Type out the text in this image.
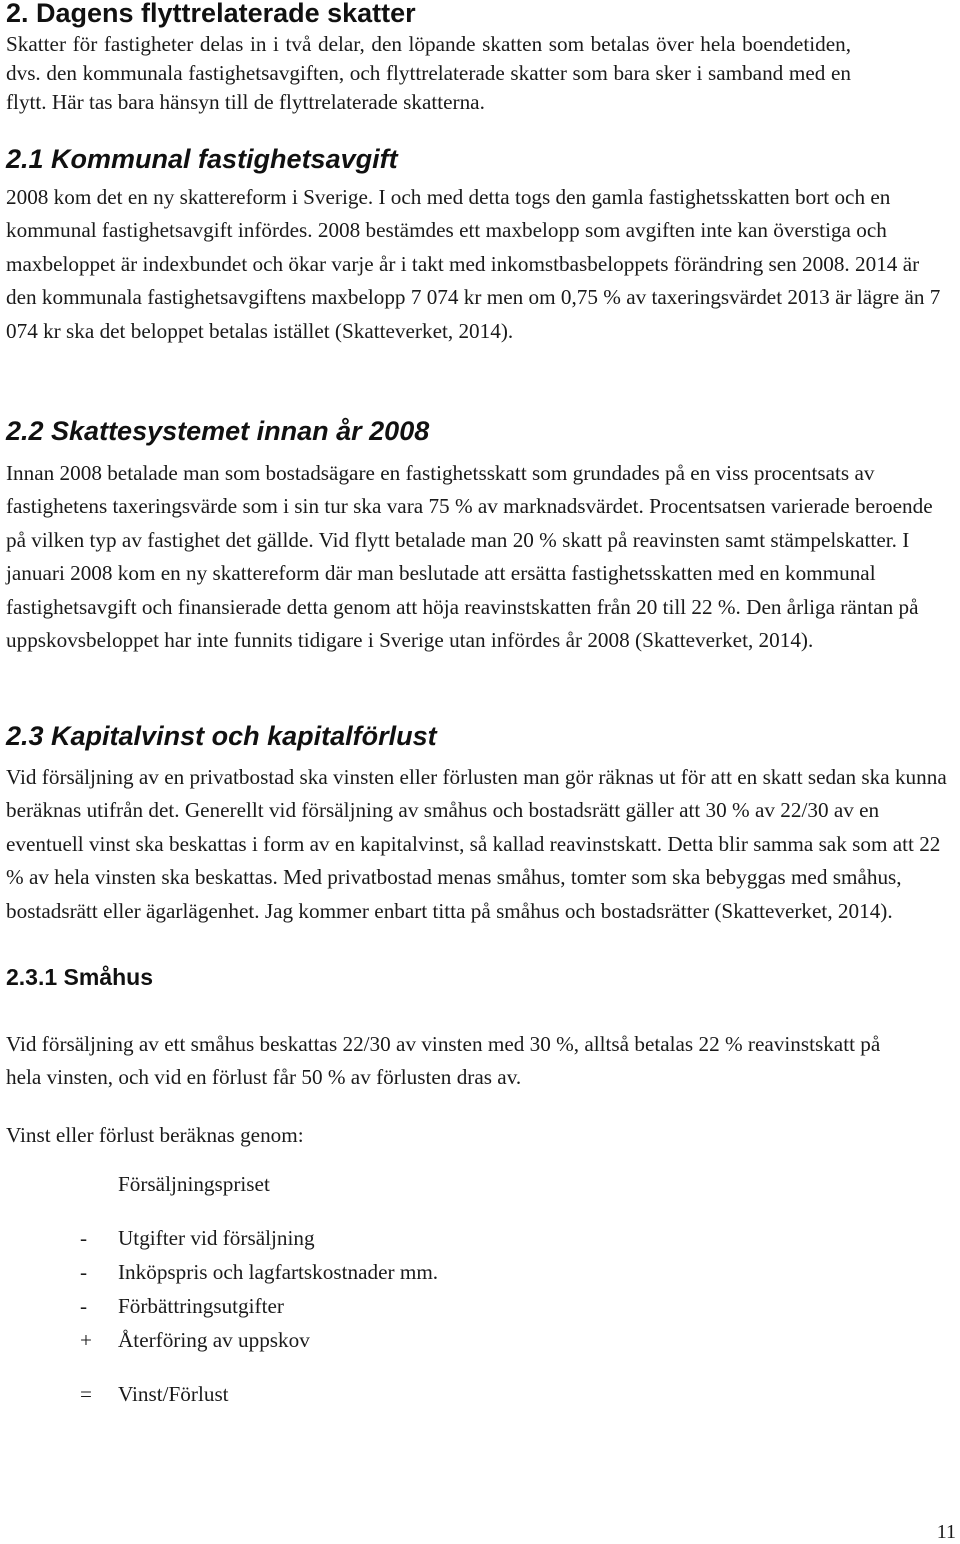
2. Dagens flyttrelaterade skatter

Skatter för fastigheter delas in i två delar, den löpande skatten som betalas över hela boendetiden, dvs. den kommunala fastighetsavgiften, och flyttrelaterade skatter som bara sker i samband med en flytt. Här tas bara hänsyn till de flyttrelaterade skatterna.

2.1 Kommunal fastighetsavgift

2008 kom det en ny skattereform i Sverige. I och med detta togs den gamla fastighetsskatten bort och en kommunal fastighetsavgift infördes. 2008 bestämdes ett maxbelopp som avgiften inte kan överstiga och maxbeloppet är indexbundet och ökar varje år i takt med inkomstbasbeloppets förändring sen 2008. 2014 är den kommunala fastighetsavgiftens maxbelopp 7 074 kr men om 0,75 % av taxeringsvärdet 2013 är lägre än 7 074 kr ska det beloppet betalas istället (Skatteverket, 2014).

2.2 Skattesystemet innan år 2008

Innan 2008 betalade man som bostadsägare en fastighetsskatt som grundades på en viss procentsats av fastighetens taxeringsvärde som i sin tur ska vara 75 % av marknadsvärdet. Procentsatsen varierade beroende på vilken typ av fastighet det gällde. Vid flytt betalade man 20 % skatt på reavinsten samt stämpelskatter. I januari 2008 kom en ny skattereform där man beslutade att ersätta fastighetsskatten med en kommunal fastighetsavgift och finansierade detta genom att höja reavinstskatten från 20 till 22 %. Den årliga räntan på uppskovsbeloppet har inte funnits tidigare i Sverige utan infördes år 2008 (Skatteverket, 2014).

2.3 Kapitalvinst och kapitalförlust

Vid försäljning av en privatbostad ska vinsten eller förlusten man gör räknas ut för att en skatt sedan ska kunna beräknas utifrån det. Generellt vid försäljning av småhus och bostadsrätt gäller att 30 % av 22/30 av en eventuell vinst ska beskattas i form av en kapitalvinst, så kallad reavinstskatt. Detta blir samma sak som att 22 % av hela vinsten ska beskattas. Med privatbostad menas småhus, tomter som ska bebyggas med småhus, bostadsrätt eller ägarlägenhet. Jag kommer enbart titta på småhus och bostadsrätter (Skatteverket, 2014).

2.3.1 Småhus

Vid försäljning av ett småhus beskattas 22/30 av vinsten med 30 %, alltså betalas 22 % reavinstskatt på hela vinsten, och vid en förlust får 50 % av förlusten dras av.

Vinst eller förlust beräknas genom:

Försäljningspriset
- Utgifter vid försäljning
- Inköpspris och lagfartskostnader mm.
- Förbättringsutgifter
+ Återföring av uppskov
= Vinst/Förlust
11
